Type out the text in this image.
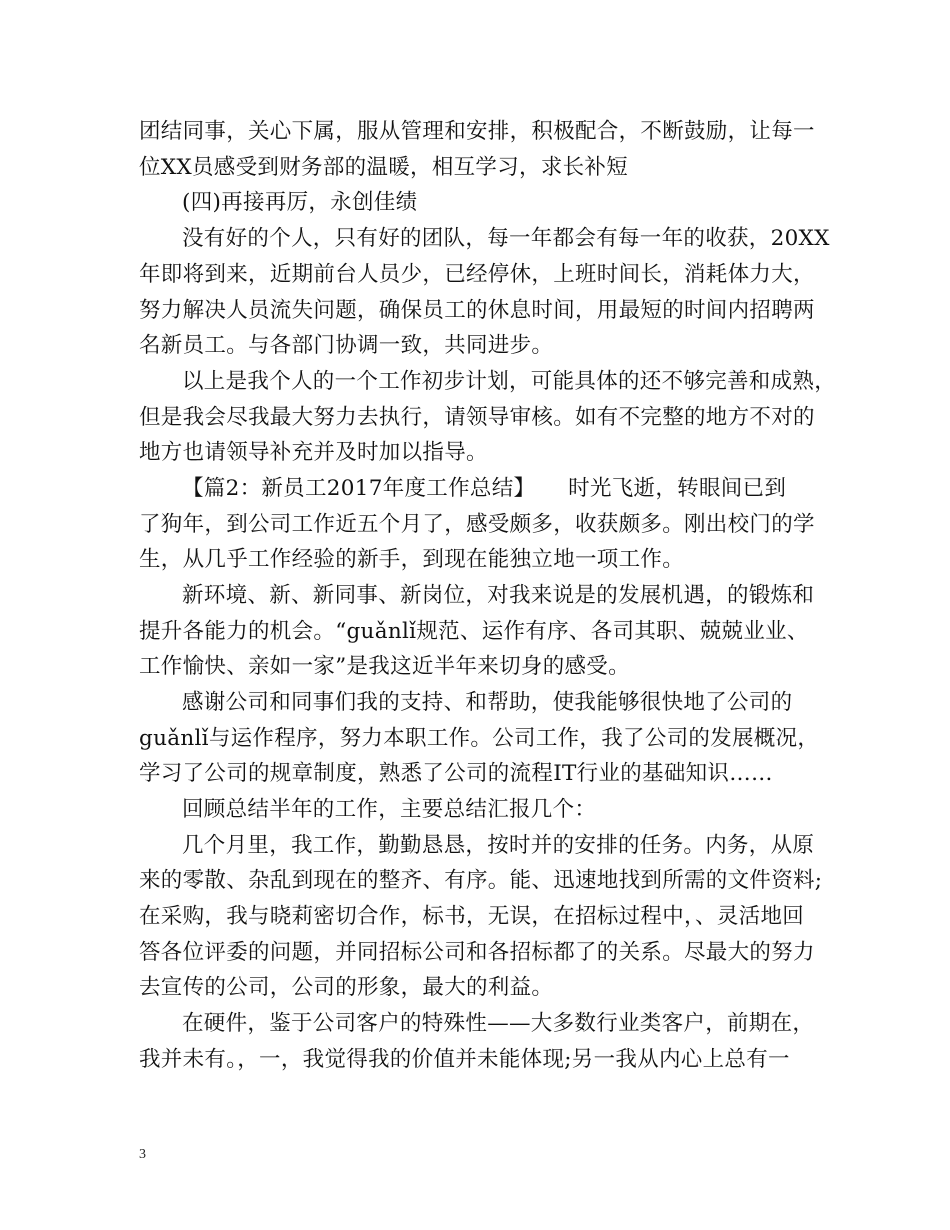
团结同事，关心下属，服从管理和安排，积极配合，不断鼓励，让每一
位XX员感受到财务部的温暖，相互学习，求长补短
(四)再接再厉，永创佳绩
没有好的个人，只有好的团队，每一年都会有每一年的收获，20XX
年即将到来，近期前台人员少，已经停休，上班时间长，消耗体力大，
努力解决人员流失问题，确保员工的休息时间，用最短的时间内招聘两
名新员工。与各部门协调一致，共同进步。
以上是我个人的一个工作初步计划，可能具体的还不够完善和成熟，
但是我会尽我最大努力去执行，请领导审核。如有不完整的地方不对的
地方也请领导补充并及时加以指导。
【篇2：新员工2017年度工作总结】　　时光飞逝，转眼间已到
了狗年，到公司工作近五个月了，感受颇多，收获颇多。刚出校门的学
生，从几乎工作经验的新手，到现在能独立地一项工作。
新环境、新、新同事、新岗位，对我来说是的发展机遇，的锻炼和
提升各能力的机会。“guǎnlǐ规范、运作有序、各司其职、兢兢业业、
工作愉快、亲如一家”是我这近半年来切身的感受。
感谢公司和同事们我的支持、和帮助，使我能够很快地了公司的
guǎnlǐ与运作程序，努力本职工作。公司工作，我了公司的发展概况，
学习了公司的规章制度，熟悉了公司的流程IT行业的基础知识……
回顾总结半年的工作，主要总结汇报几个：
几个月里，我工作，勤勤恳恳，按时并的安排的任务。内务，从原
来的零散、杂乱到现在的整齐、有序。能、迅速地找到所需的文件资料;
在采购，我与晓莉密切合作，标书，无误，在招标过程中，、灵活地回
答各位评委的问题，并同招标公司和各招标都了的关系。尽最大的努力
去宣传的公司，公司的形象，最大的利益。
在硬件，鉴于公司客户的特殊性——大多数行业类客户，前期在，
我并未有。，一，我觉得我的价值并未能体现;另一我从内心上总有一
3
